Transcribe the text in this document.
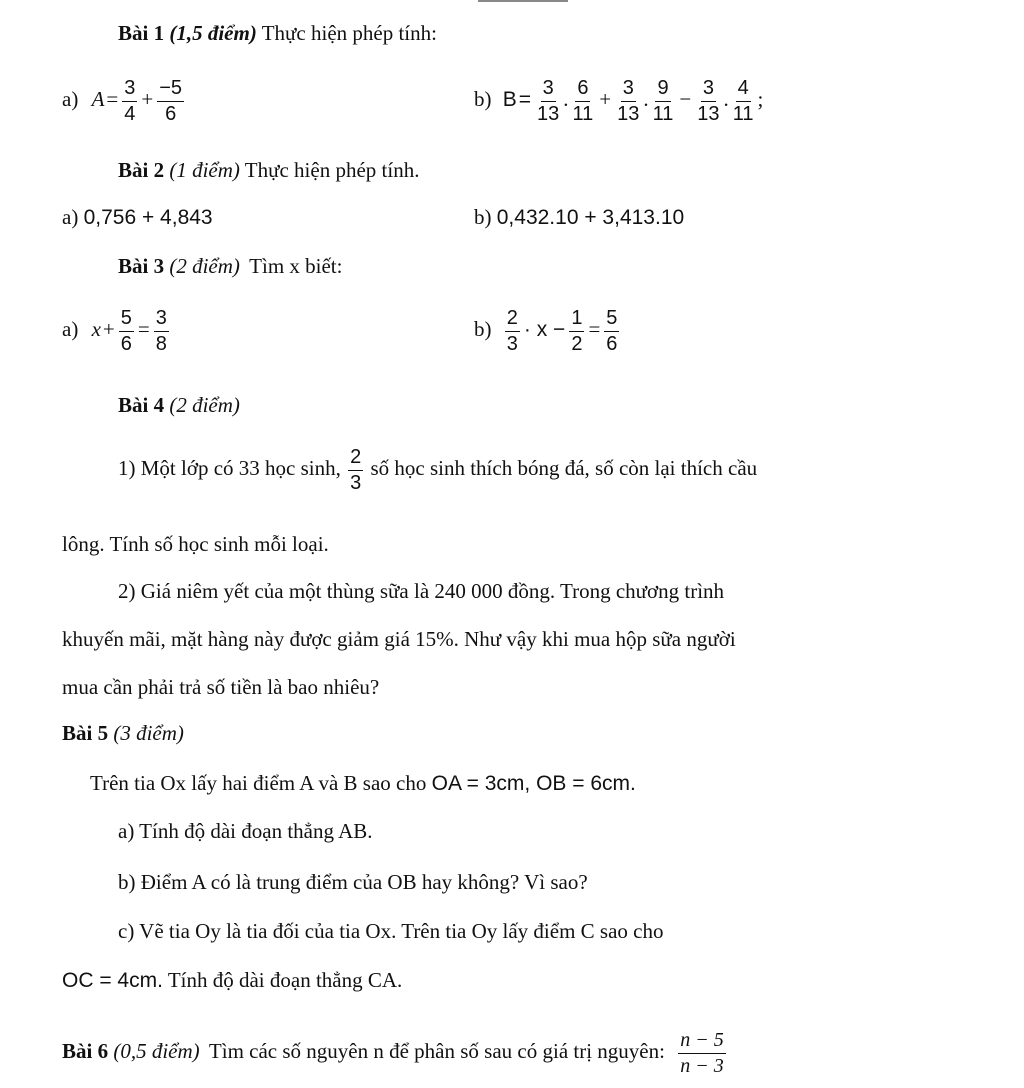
Bài 1 (1,5 điểm) Thực hiện phép tính:
a) $A= \frac{3}{4} + \frac{-5}{6}$	b) $B= \frac{3}{13}$ . $\frac{6}{11} + \frac{3}{13}$ . $\frac{9}{11} - \frac{3}{13}$ . $\frac{4}{11}$ ;
Bài 2 (1 điểm) Thực hiện phép tính.
a) 0,756 + 4,843	b) 0,432.10 + 3,413.10
Bài 3 (2 điểm) Tìm x biết:
a) $x+ \frac{5}{6} = \frac{3}{8}$	$b) \frac{2}{3} \cdot x - \frac{1}{2} = \frac{5}{6}$
Bài 4 (2 điểm)
1) Một lớp có 33 học sinh, $\frac{2}{3}$ số học sinh thích bóng đá, số còn lại thích cầu
lông. Tính số học sinh mỗi loại.
2) Giá niêm yết của một thùng sữa là 240 000 đồng. Trong chương trình
khuyến mãi, mặt hàng này được giảm giá 15%. Như vậy khi mua hộp sữa người
mua cần phải trả số tiền là bao nhiêu?
Bài 5 (3 điểm)
Trên tia Ox lấy hai điểm A và B sao cho OA = 3cm, OB = 6cm.
a) Tính độ dài đoạn thẳng AB.
b) Điểm A có là trung điểm của OB hay không? Vì sao?
c) Vẽ tia Oy là tia đối của tia Ox. Trên tia Oy lấy điểm C sao cho
OC = 4cm. Tính độ dài đoạn thẳng CA.
Bài 6 (0,5 điểm) Tìm các số nguyên n để phân số sau có giá trị nguyên: $\frac{n - 5}{n - 3}$
